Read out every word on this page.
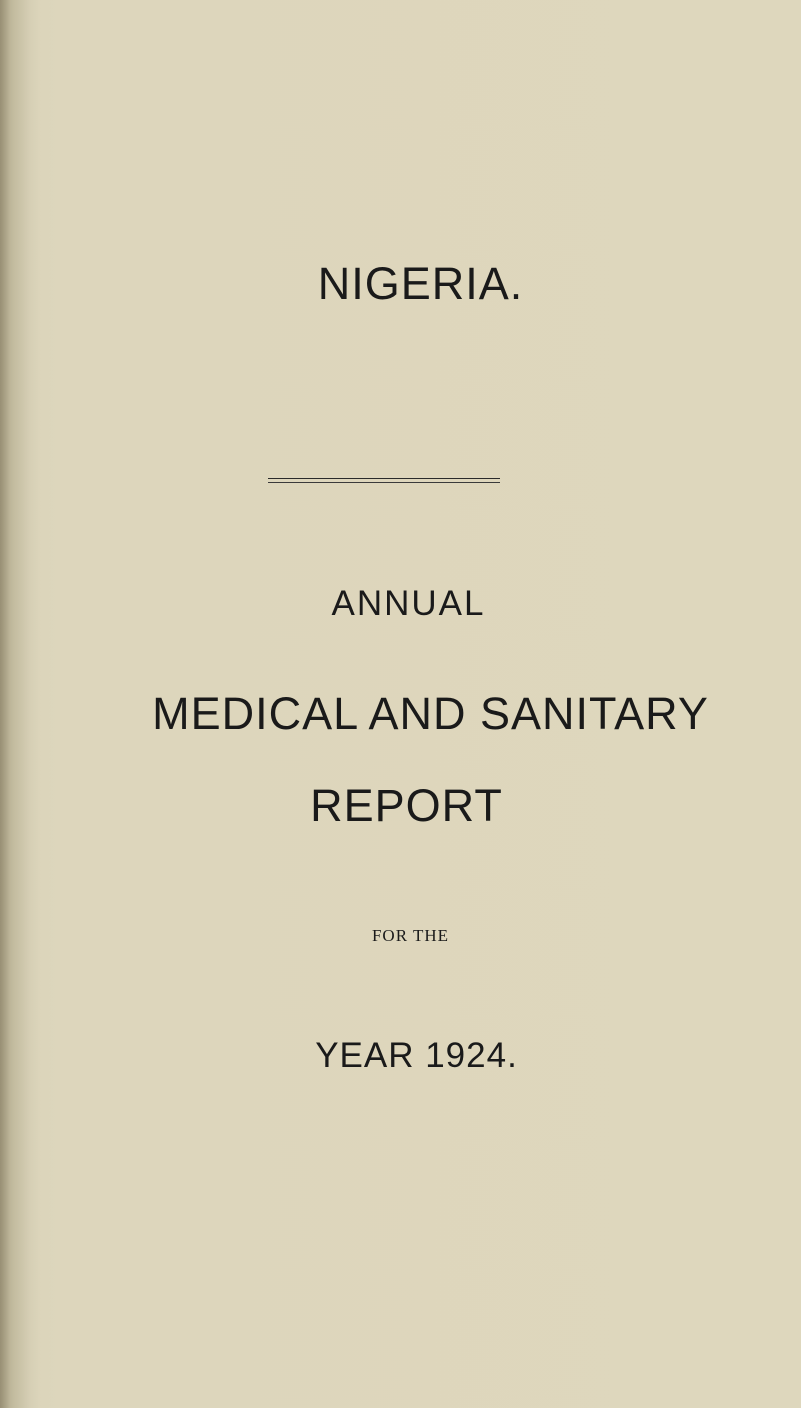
NIGERIA.
ANNUAL
MEDICAL AND SANITARY
REPORT
FOR THE
YEAR 1924.
